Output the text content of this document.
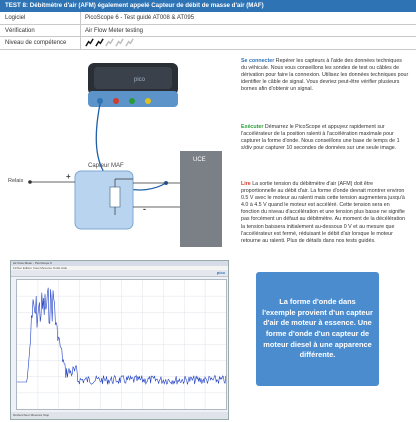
TEST 8: Débitmètre d'air (AFM) également appelé Capteur de débit de masse d'air (MAF)
Logiciel	PicoScope 6 - Test guidé AT008 & AT095
Vérification	Air Flow Meter testing
Niveau de compétence
pico
Capteur MAF
UCE
Relais	+
-
Se connecter Repérer les capteurs à l'aide des données techniques du véhicule. Nous vous conseillons les sondes de test ou câbles de dérivation pour faire la connexion. Utilisez les données techniques pour identifier le câble de signal. Vous devriez peut-être vérifier plusieurs bornes afin d'obtenir un signal.
Exécuter Démarrez le PicoScope et appuyez rapidement sur l'accélérateur de la position ralenti à l'accélération maximale pour capturer la forme d'onde. Nous conseillons une base de temps de 1 s/div pour capturer 10 secondes de données sur une seule image.
Lire La sortie tension du débitmètre d'air (AFM) doit être proportionnelle au débit d'air. La forme d'onde devrait montrer environ 0.5 V avec le moteur au ralenti mais cette tension augmentera jusqu'à 4.0 à 4.5 V quand le moteur est accéléré. Cette tension sera en fonction du niveau d'accélération et une tension plus basse ne signifie pas forcément un défaut au débitmètre. Au moment de la décélération la tension baissera initialement au-dessous 0 V et au mesure que l'accélérateur est fermé, réduisant le débit d'air lorsque le moteur retourne au ralenti. Plus de détails dans nos tests guidés.
La forme d'onde dans l'exemple provient d'un capteur d'air de moteur à essence. Une forme d'onde d'un capteur de moteur diesel à une apparence différente.
Air Flow Meter - PicoScope 6
Fichier Edition Vues Mesures Outils Aide
pico
Déclencheur Mesures Stop
